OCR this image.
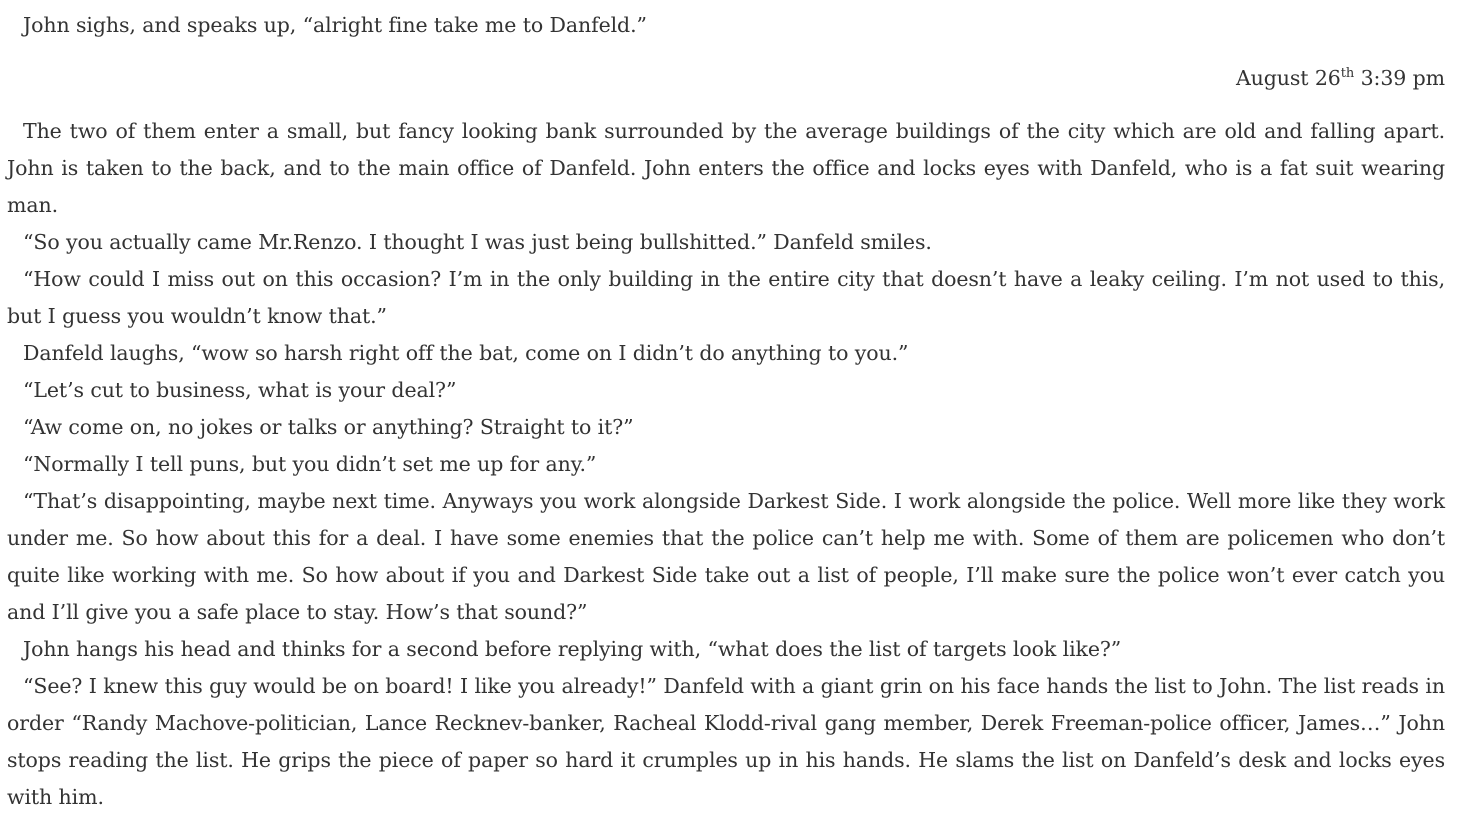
John sighs, and speaks up, “alright fine take me to Danfeld.”

August 26th 3:39 pm

The two of them enter a small, but fancy looking bank surrounded by the average buildings of the city which are old and falling apart. John is taken to the back, and to the main office of Danfeld. John enters the office and locks eyes with Danfeld, who is a fat suit wearing man.

“So you actually came Mr.Renzo. I thought I was just being bullshitted.” Danfeld smiles.

“How could I miss out on this occasion? I’m in the only building in the entire city that doesn’t have a leaky ceiling. I’m not used to this, but I guess you wouldn’t know that.”

Danfeld laughs, “wow so harsh right off the bat, come on I didn’t do anything to you.”

“Let’s cut to business, what is your deal?”

“Aw come on, no jokes or talks or anything? Straight to it?”

“Normally I tell puns, but you didn’t set me up for any.”

“That’s disappointing, maybe next time. Anyways you work alongside Darkest Side. I work alongside the police. Well more like they work under me. So how about this for a deal. I have some enemies that the police can’t help me with. Some of them are policemen who don’t quite like working with me. So how about if you and Darkest Side take out a list of people, I’ll make sure the police won’t ever catch you and I’ll give you a safe place to stay. How’s that sound?”

John hangs his head and thinks for a second before replying with, “what does the list of targets look like?”

“See? I knew this guy would be on board! I like you already!” Danfeld with a giant grin on his face hands the list to John. The list reads in order “Randy Machove-politician, Lance Recknev-banker, Racheal Klodd-rival gang member, Derek Freeman-police officer, James…” John stops reading the list. He grips the piece of paper so hard it crumples up in his hands. He slams the list on Danfeld’s desk and locks eyes with him.
